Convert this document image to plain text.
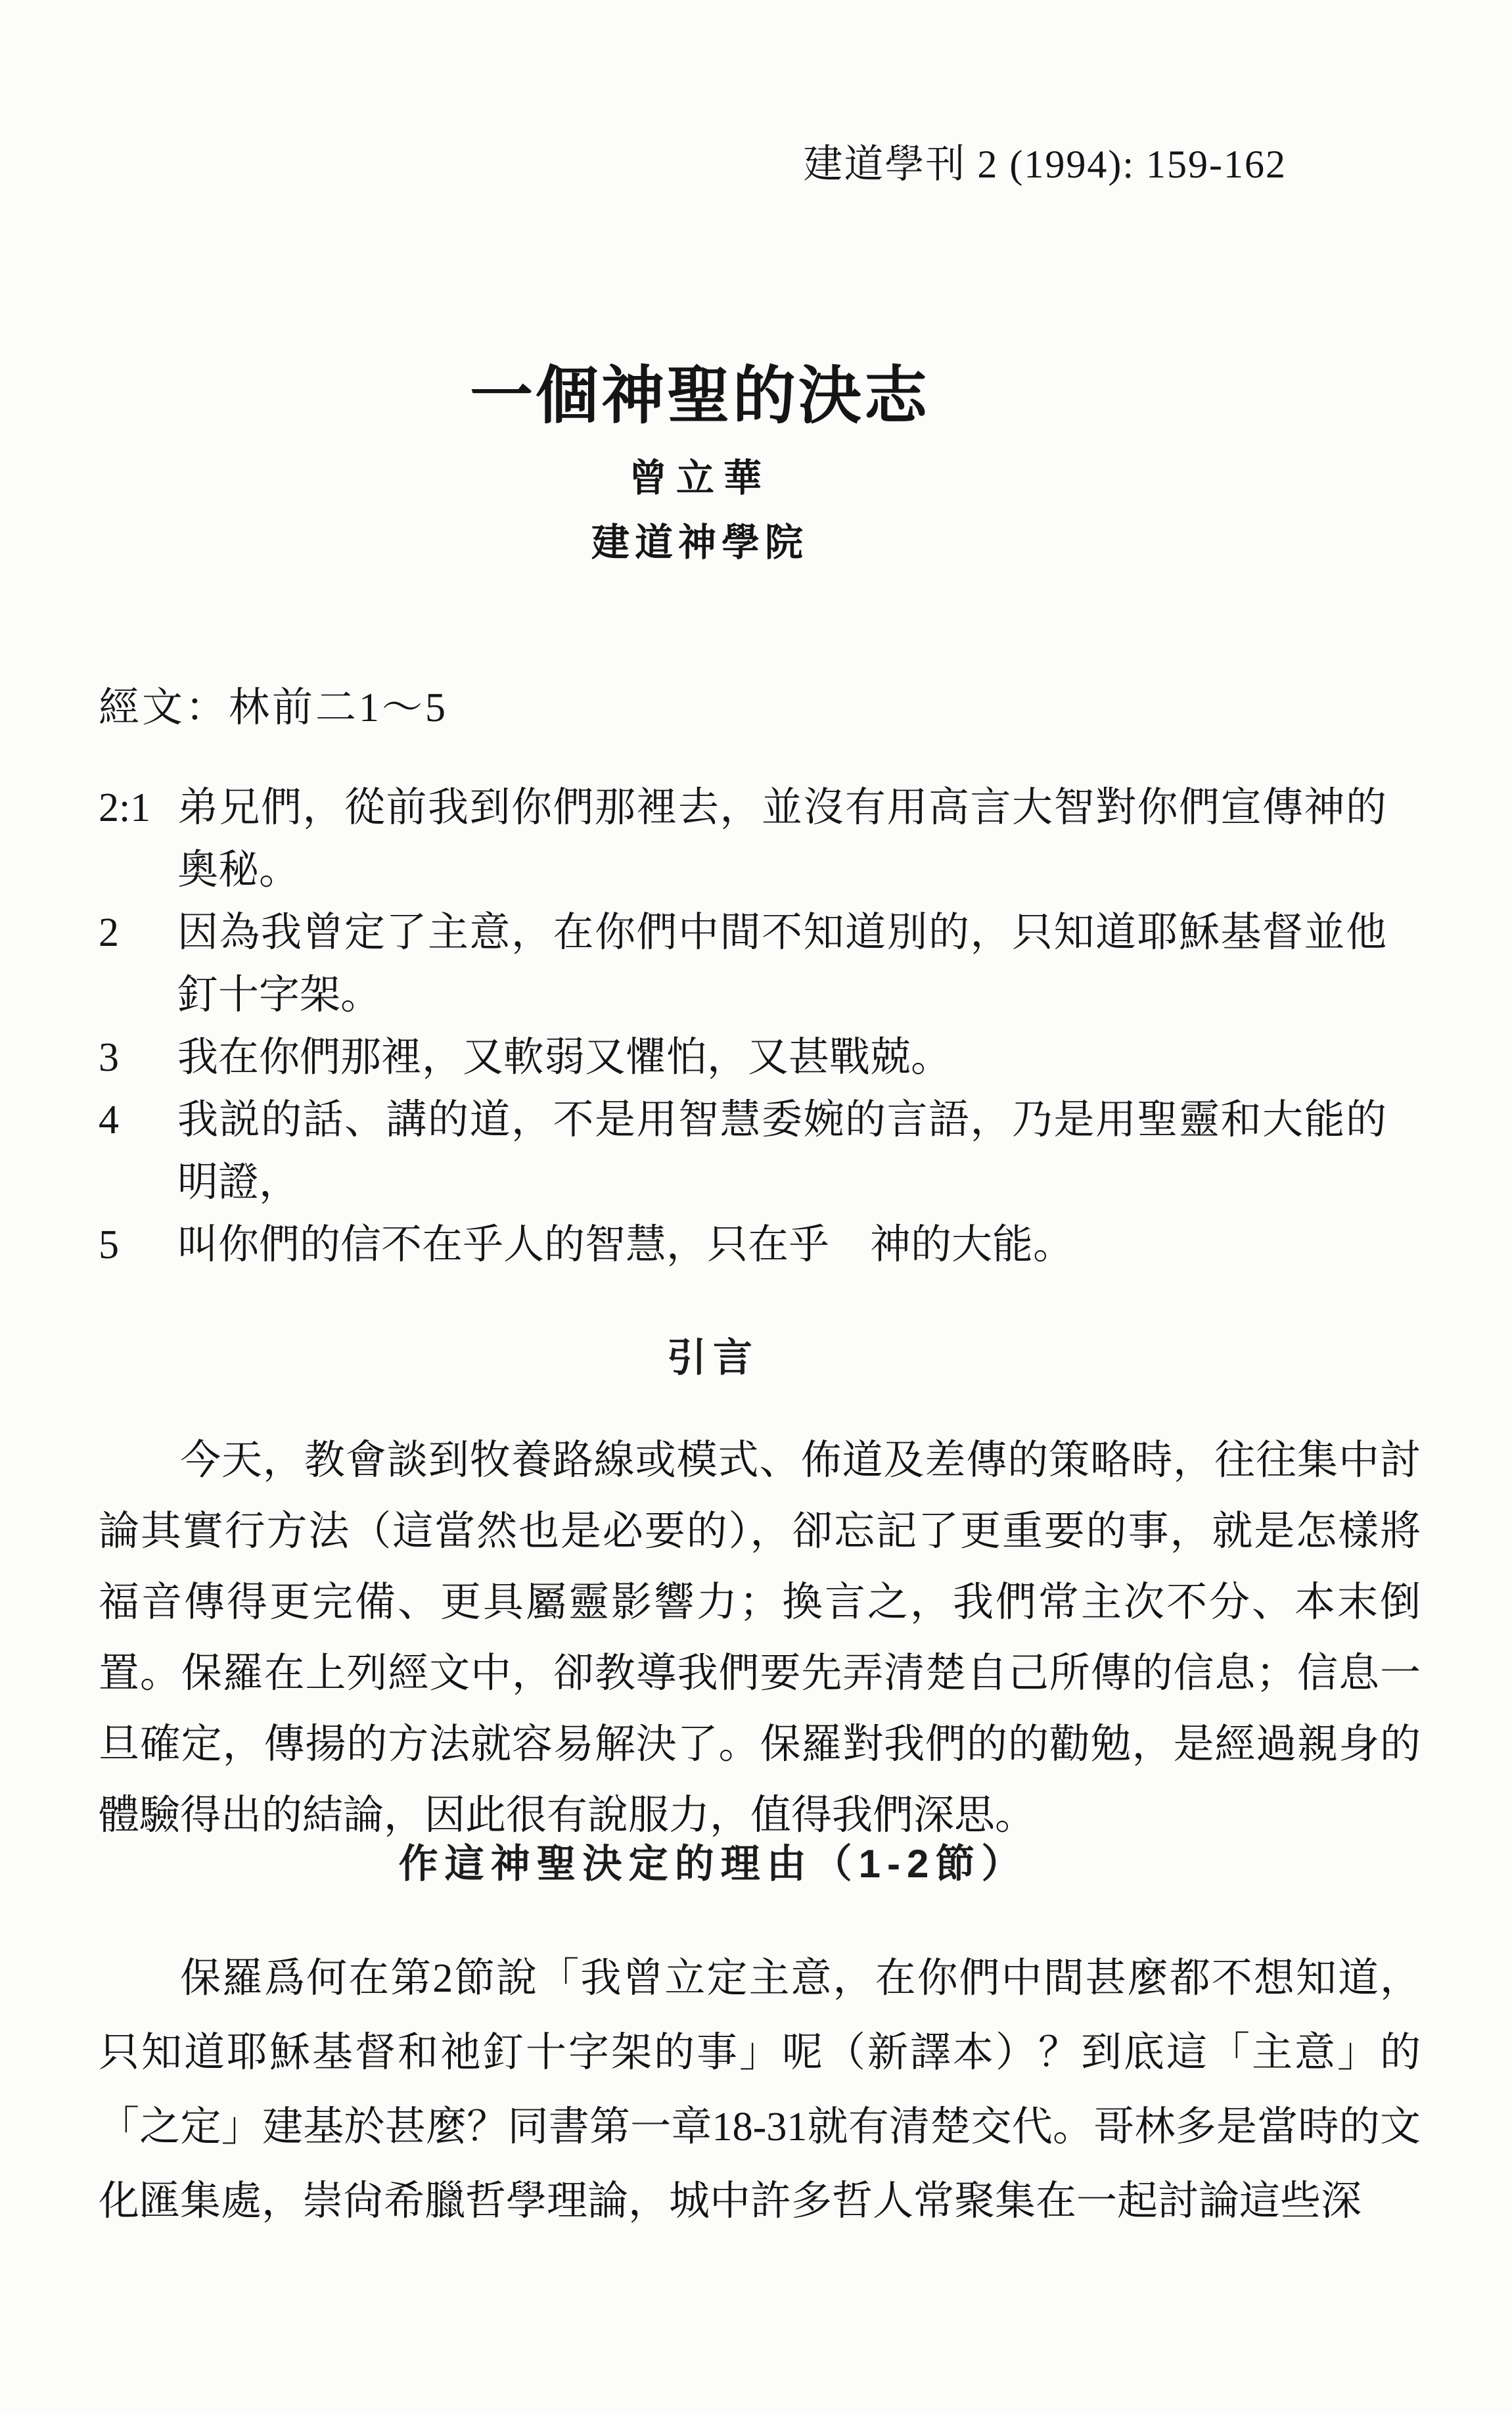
建道學刊 2 (1994): 159-162
一個神聖的決志
曾立華
建道神學院
經文：林前二1～5
2:1 弟兄們，從前我到你們那裡去，並沒有用高言大智對你們宣傳神的奧秘。
2	因為我曾定了主意，在你們中間不知道別的，只知道耶穌基督並他釘十字架。
3	我在你們那裡，又軟弱又懼怕，又甚戰兢。
4	我説的話、講的道，不是用智慧委婉的言語，乃是用聖靈和大能的明證，
5	叫你們的信不在乎人的智慧，只在乎　神的大能。
引言

今天，教會談到牧養路線或模式、佈道及差傳的策略時，往往集中討論其實行方法（這當然也是必要的），卻忘記了更重要的事，就是怎樣將福音傳得更完備、更具屬靈影響力；換言之，我們常主次不分、本末倒置。保羅在上列經文中，卻教導我們要先弄清楚自己所傳的信息；信息一旦確定，傳揚的方法就容易解決了。保羅對我們的的勸勉，是經過親身的體驗得出的結論，因此很有說服力，值得我們深思。

作這神聖決定的理由（1-2節）

保羅爲何在第2節說「我曾立定主意，在你們中間甚麼都不想知道，只知道耶穌基督和祂釘十字架的事」呢（新譯本）？到底這「主意」的「之定」建基於甚麼？同書第一章18-31就有清楚交代。哥林多是當時的文化匯集處，崇尙希臘哲學理論，城中許多哲人常聚集在一起討論這些深
